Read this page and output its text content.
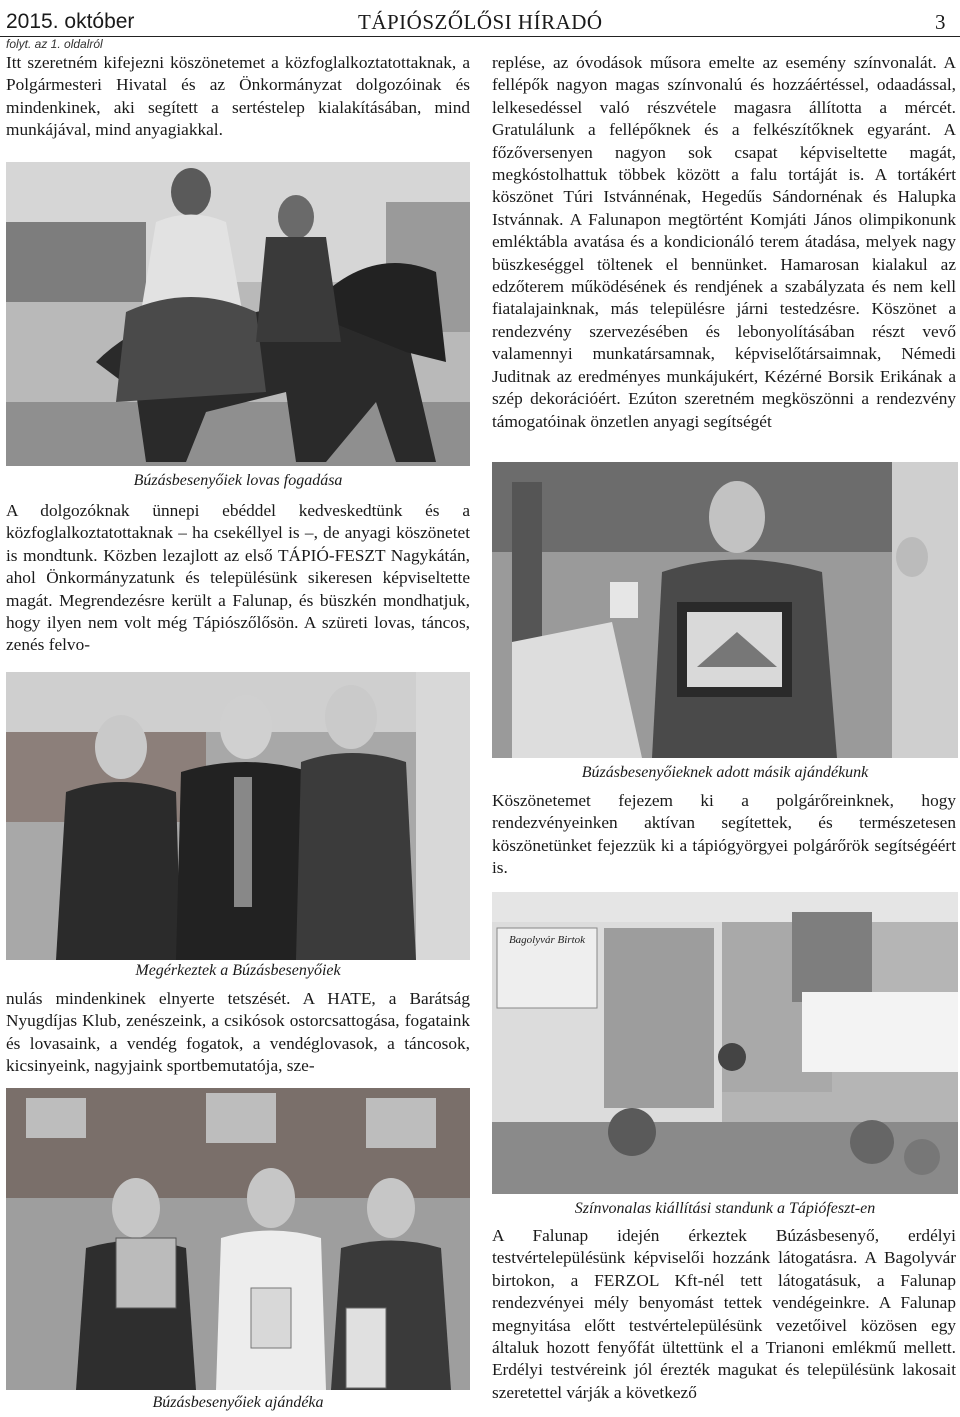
2015. október	TÁPIÓSZŐLŐSI HÍRADÓ	3
folyt. az 1. oldalról

Itt szeretném kifejezni köszönetemet a közfoglalkoztatottaknak, a Polgármesteri Hivatal és az Önkormányzat dolgozóinak és mindenkinek, aki segített a sertéstelep kialakításában, mind munkájával, mind anyagiakkal.

Búzásbesenyőiek lovas fogadása

A dolgozóknak ünnepi ebéddel kedveskedtünk és a közfoglalkoztatottaknak – ha csekéllyel is –, de anyagi köszönetet is mondtunk. Közben lezajlott az első TÁPIÓ-FESZT Nagykátán, ahol Önkormányzatunk és településünk sikeresen képviseltette magát. Megrendezésre került a Falunap, és büszkén mondhatjuk, hogy ilyen nem volt még Tápiószőlősön. A szüreti lovas, táncos, zenés felvo-

Megérkeztek a Búzásbesenyőiek

nulás mindenkinek elnyerte tetszését. A HATE, a Barátság Nyugdíjas Klub, zenészeink, a csikósok ostorcsattogása, fogataink és lovasaink, a vendég fogatok, a vendéglovasok, a táncosok, kicsinyeink, nagyjaink sportbemutatója, sze-

Búzásbesenyőiek ajándéka

replése, az óvodások műsora emelte az esemény színvonalát. A fellépők nagyon magas színvonalú és hozzáértéssel, odaadással, lelkesedéssel való részvétele magasra állította a mércét. Gratulálunk a fellépőknek és a felkészítőknek egyaránt. A főzőversenyen nagyon sok csapat képviseltette magát, megkóstolhattuk többek között a falu tortáját is. A tortákért köszönet Túri Istvánnénak, Hegedűs Sándornénak és Halupka Istvánnak. A Falunapon megtörtént Komjáti János olimpikonunk emléktábla avatása és a kondicionáló terem átadása, melyek nagy büszkeséggel töltenek el bennünket. Hamarosan kialakul az edzőterem működésének és rendjének a szabályzata és nem kell fiatalajainknak, más településre járni testedzésre. Köszönet a rendezvény szervezésében és lebonyolításában részt vevő valamennyi munkatársamnak, képviselőtársaimnak, Némedi Juditnak az eredményes munkájukért, Kézérné Borsik Erikának a szép dekorációért. Ezúton szeretném megköszönni a rendezvény támogatóinak önzetlen anyagi segítségét

Búzásbesenyőieknek adott másik ajándékunk

Köszönetemet fejezem ki a polgárőreinknek, hogy rendezvényeinken aktívan segítettek, és természetesen köszönetünket fejezzük ki a tápiógyörgyei polgárőrök segítségéért is.

Bagolyvár Birtok

Színvonalas kiállítási standunk a Tápiófeszt-en

A Falunap idején érkeztek Búzásbesenyő, erdélyi testvértelepülésünk képviselői hozzánk látogatásra. A Bagolyvár birtokon, a FERZOL Kft-nél tett látogatásuk, a Falunap rendezvényei mély benyomást tettek vendégeinkre. A Falunap megnyitása előtt testvértelepülésünk vezetőivel közösen egy általuk hozott fenyőfát ültettünk el a Trianoni emlékmű mellett. Erdélyi testvéreink jól érezték magukat és településünk lakosait szeretettel várják a következő
